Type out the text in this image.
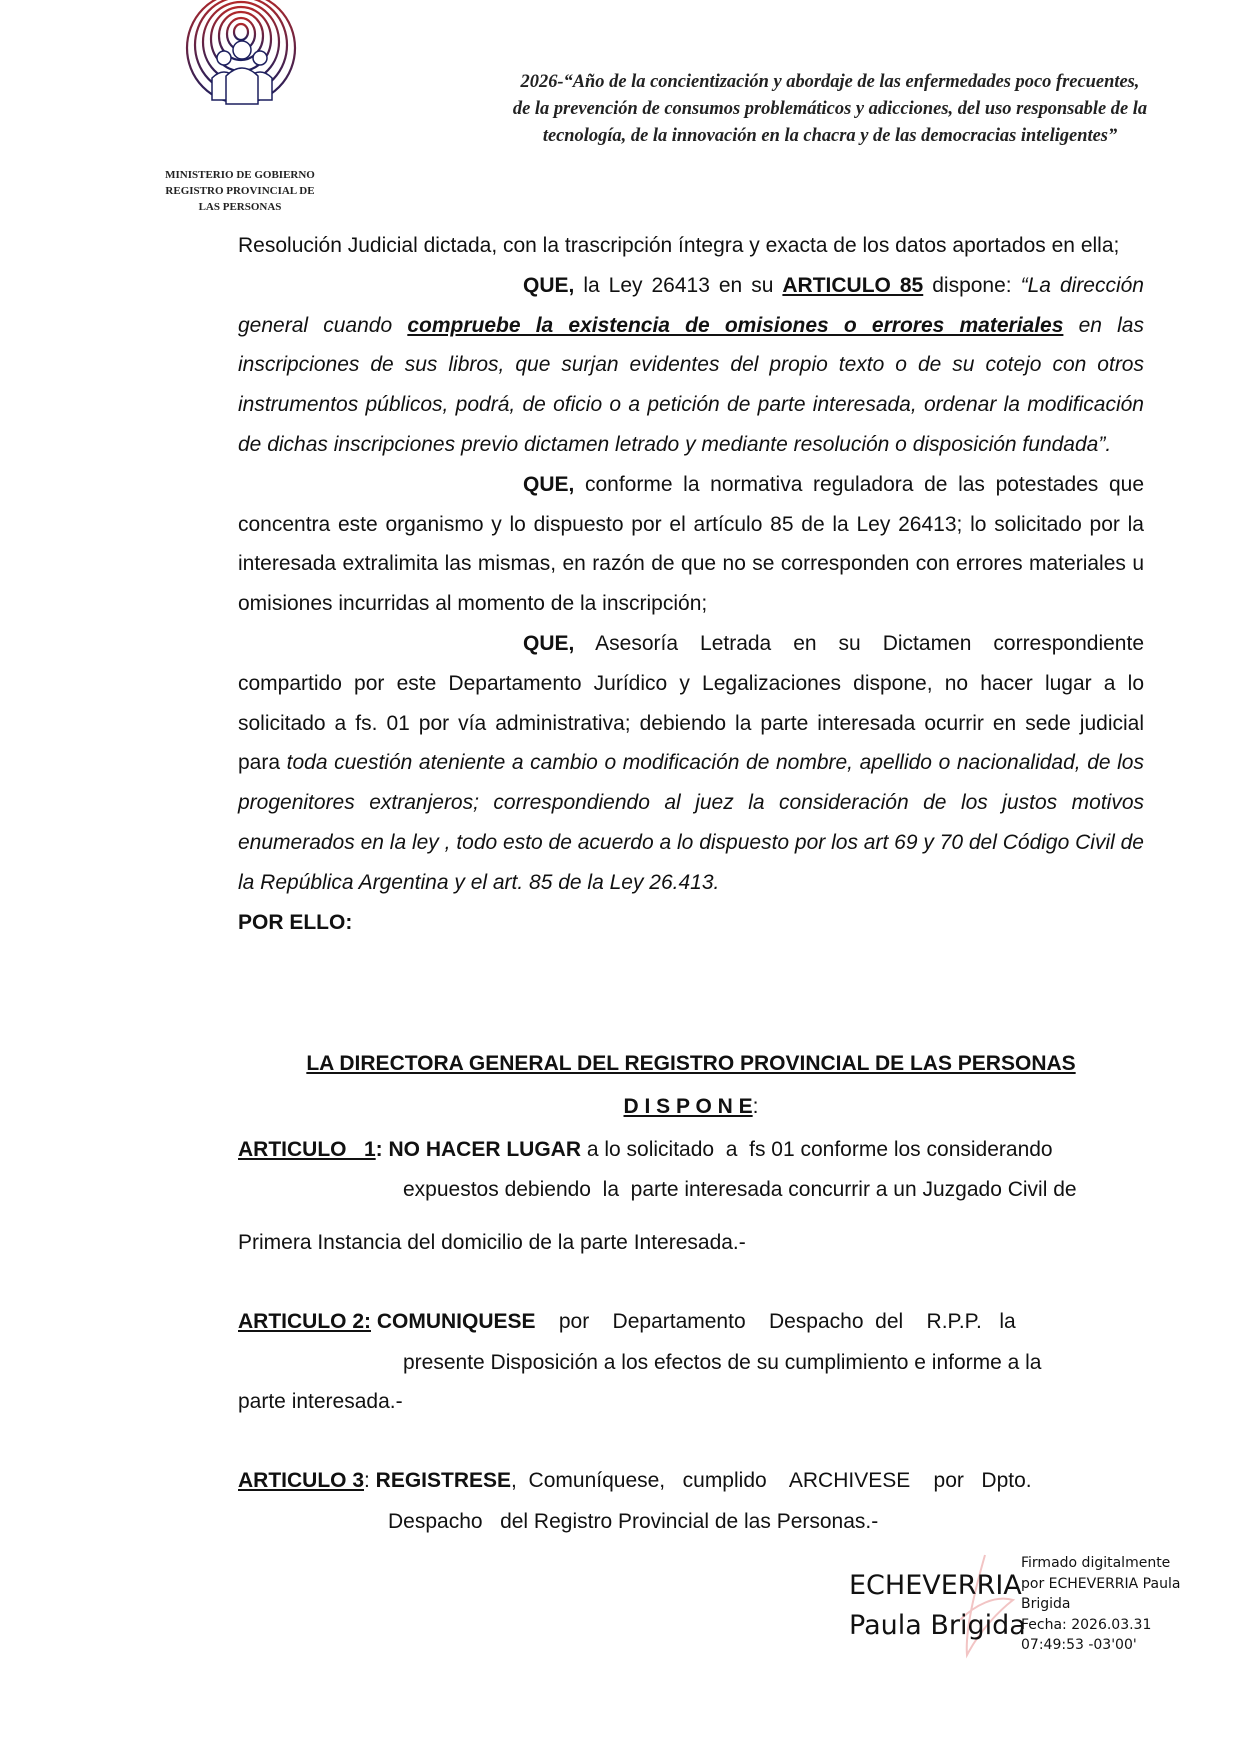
2026-“Año de la concientización y abordaje de las enfermedades poco frecuentes,
de la prevención de consumos problemáticos y adicciones, del uso responsable de la
tecnología, de la innovación en la chacra y de las democracias inteligentes”
MINISTERIO DE GOBIERNO
REGISTRO PROVINCIAL DE
LAS PERSONAS
Resolución Judicial dictada, con la trascripción íntegra y exacta de los datos aportados en ella;
QUE, la Ley 26413 en su ARTICULO 85 dispone: “La dirección general cuando compruebe la existencia de omisiones o errores materiales en las inscripciones de sus libros, que surjan evidentes del propio texto o de su cotejo con otros instrumentos públicos, podrá, de oficio o a petición de parte interesada, ordenar la modificación de dichas inscripciones previo dictamen letrado y mediante resolución o disposición fundada”.
QUE, conforme la normativa reguladora de las potestades que concentra este organismo y lo dispuesto por el artículo 85 de la Ley 26413; lo solicitado por la interesada extralimita las mismas, en razón de que no se corresponden con errores materiales u omisiones incurridas al momento de la inscripción;
QUE, Asesoría Letrada en su Dictamen correspondiente compartido por este Departamento Jurídico y Legalizaciones dispone, no hacer lugar a lo solicitado a fs. 01 por vía administrativa; debiendo la parte interesada ocurrir en sede judicial para toda cuestión ateniente a cambio o modificación de nombre, apellido o nacionalidad, de los progenitores extranjeros; correspondiendo al juez la consideración de los justos motivos enumerados en la ley , todo esto de acuerdo a lo dispuesto por los art 69 y 70 del Código Civil de la República Argentina y el art. 85 de la Ley 26.413.
POR ELLO:
LA DIRECTORA GENERAL DEL REGISTRO PROVINCIAL DE LAS PERSONAS
D I S P O N E:
ARTICULO   1: NO HACER LUGAR a lo solicitado  a  fs 01 conforme los considerando
expuestos debiendo  la  parte interesada concurrir a un Juzgado Civil de
Primera Instancia del domicilio de la parte Interesada.-
ARTICULO 2: COMUNIQUESE    por    Departamento    Despacho  del    R.P.P.   la
presente Disposición a los efectos de su cumplimiento e informe a la
parte interesada.-
ARTICULO 3: REGISTRESE,  Comuníquese,   cumplido    ARCHIVESE    por   Dpto.
Despacho   del Registro Provincial de las Personas.-
ECHEVERRIA
Paula Brigida
Firmado digitalmente
por ECHEVERRIA Paula
Brigida
Fecha: 2026.03.31
07:49:53 -03'00'
